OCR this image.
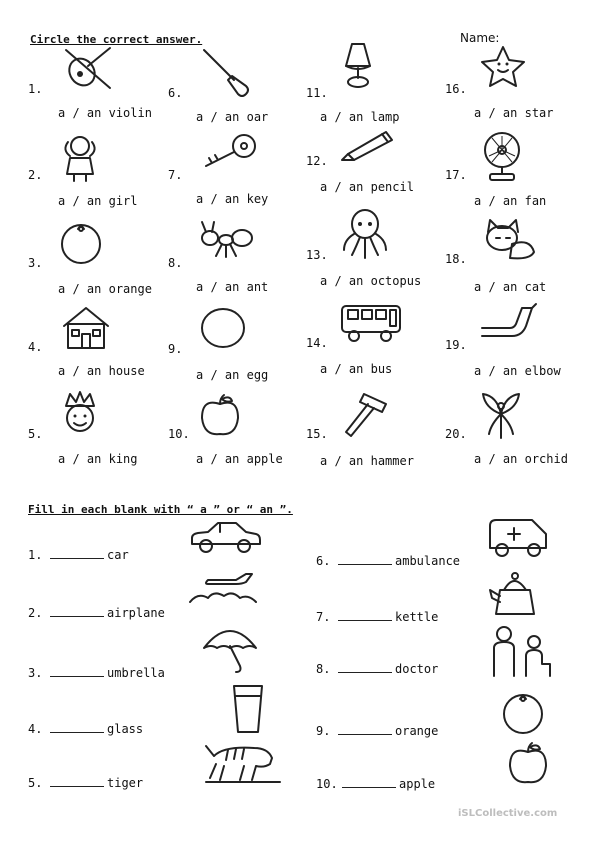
Circle the correct answer.	Name:
1.
a / an violin
2.
a / an girl
3.
a / an orange
4.
a / an house
5.
a / an king
6.
a / an oar
7.
a / an key
8.
a / an ant
9.
a / an egg
10.
a / an apple
11.
a / an lamp
12.
a / an pencil
13.
a / an octopus
14.
a / an bus
15.
a / an hammer
16.
a / an star
17.
a / an fan
18.
a / an cat
19.
a / an elbow
20.
a / an orchid
Fill in each blank with “ a ” or “ an ”.
1.	car
2.	airplane
3.	umbrella
4.	glass
5.	tiger
6.	ambulance
7.	kettle
8.	doctor
9.	orange
10.	apple
iSLCollective.com
